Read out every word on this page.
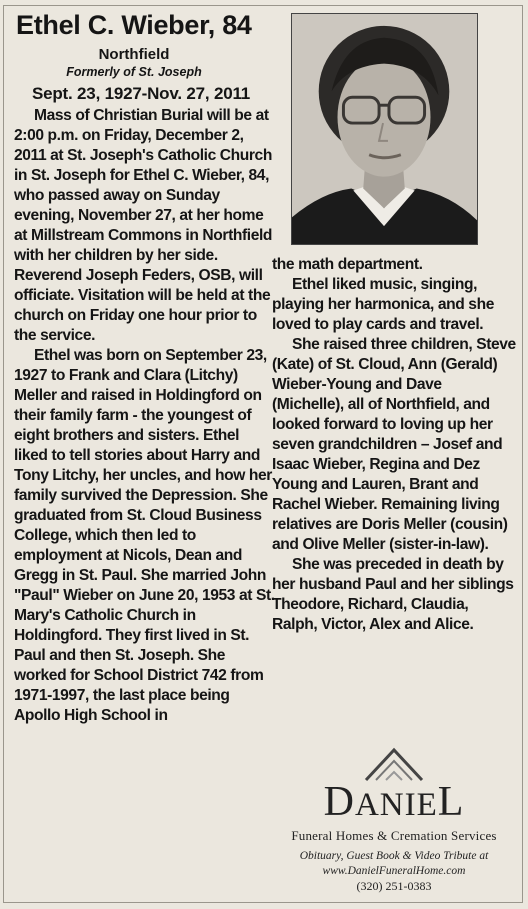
Ethel C. Wieber, 84
Northfield
Formerly of St. Joseph
Sept. 23, 1927-Nov. 27, 2011

Mass of Christian Burial will be at 2:00 p.m. on Friday, December 2, 2011 at St. Joseph's Catholic Church in St. Joseph for Ethel C. Wieber, 84, who passed away on Sunday evening, November 27, at her home at Millstream Commons in Northfield with her children by her side. Reverend Joseph Feders, OSB, will officiate. Visitation will be held at the church on Friday one hour prior to the service.

Ethel was born on September 23, 1927 to Frank and Clara (Litchy) Meller and raised in Holdingford on their family farm - the youngest of eight brothers and sisters. Ethel liked to tell stories about Harry and Tony Litchy, her uncles, and how her family survived the Depression. She graduated from St. Cloud Business College, which then led to employment at Nicols, Dean and Gregg in St. Paul. She married John "Paul" Wieber on June 20, 1953 at St. Mary's Catholic Church in Holdingford. They first lived in St. Paul and then St. Joseph. She worked for School District 742 from 1971-1997, the last place being Apollo High School in

the math department.

Ethel liked music, singing, playing her harmonica, and she loved to play cards and travel.

She raised three children, Steve (Kate) of St. Cloud, Ann (Gerald) Wieber-Young and Dave (Michelle), all of Northfield, and looked forward to loving up her seven grandchildren – Josef and Isaac Wieber, Regina and Dez Young and Lauren, Brant and Rachel Wieber. Remaining living relatives are Doris Meller (cousin) and Olive Meller (sister-in-law).

She was preceded in death by her husband Paul and her siblings Theodore, Richard, Claudia, Ralph, Victor, Alex and Alice.

DANIEL
Funeral Homes & Cremation Services
Obituary, Guest Book & Video Tribute at
www.DanielFuneralHome.com
(320) 251-0383
